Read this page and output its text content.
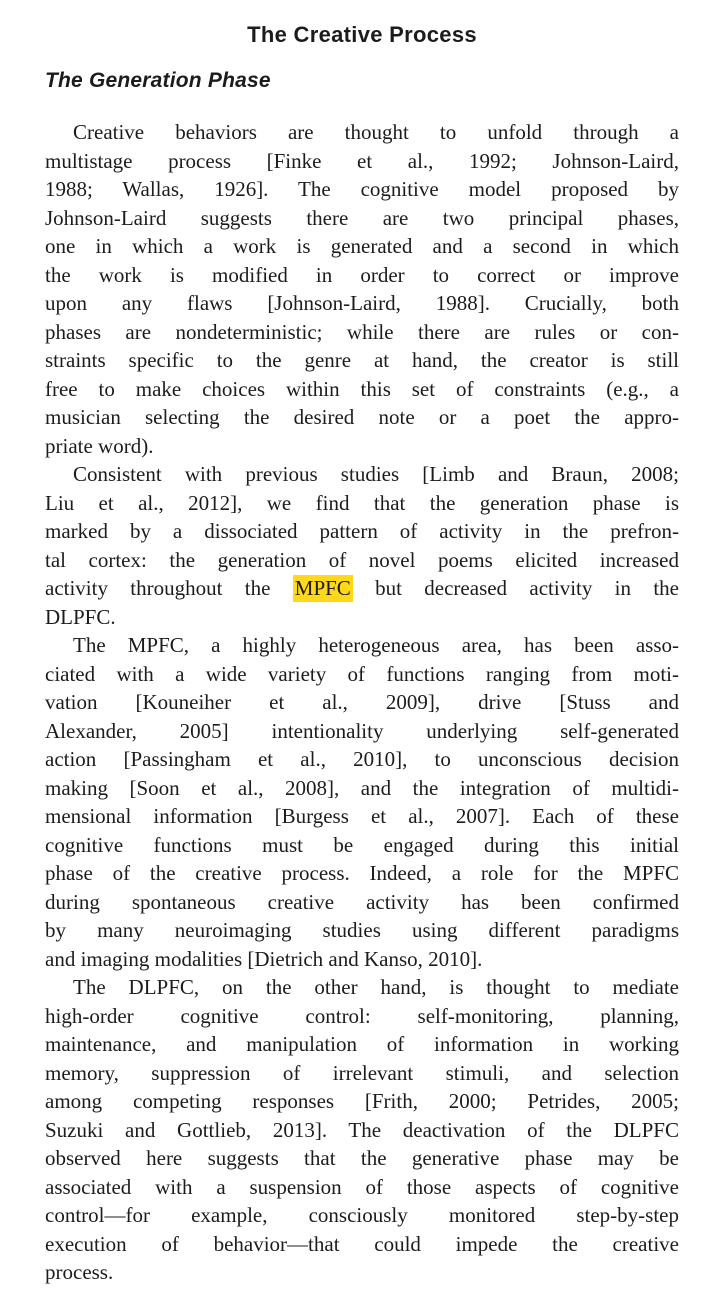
The Creative Process
The Generation Phase
Creative behaviors are thought to unfold through a
multistage process [Finke et al., 1992; Johnson-Laird,
1988; Wallas, 1926]. The cognitive model proposed by
Johnson-Laird suggests there are two principal phases,
one in which a work is generated and a second in which
the work is modified in order to correct or improve
upon any flaws [Johnson-Laird, 1988]. Crucially, both
phases are nondeterministic; while there are rules or con-
straints specific to the genre at hand, the creator is still
free to make choices within this set of constraints (e.g., a
musician selecting the desired note or a poet the appro-
priate word).
Consistent with previous studies [Limb and Braun, 2008;
Liu et al., 2012], we find that the generation phase is
marked by a dissociated pattern of activity in the prefron-
tal cortex: the generation of novel poems elicited increased
activity throughout the MPFC but decreased activity in the
DLPFC.
The MPFC, a highly heterogeneous area, has been asso-
ciated with a wide variety of functions ranging from moti-
vation [Kouneiher et al., 2009], drive [Stuss and
Alexander, 2005] intentionality underlying self-generated
action [Passingham et al., 2010], to unconscious decision
making [Soon et al., 2008], and the integration of multidi-
mensional information [Burgess et al., 2007]. Each of these
cognitive functions must be engaged during this initial
phase of the creative process. Indeed, a role for the MPFC
during spontaneous creative activity has been confirmed
by many neuroimaging studies using different paradigms
and imaging modalities [Dietrich and Kanso, 2010].
The DLPFC, on the other hand, is thought to mediate
high-order cognitive control: self-monitoring, planning,
maintenance, and manipulation of information in working
memory, suppression of irrelevant stimuli, and selection
among competing responses [Frith, 2000; Petrides, 2005;
Suzuki and Gottlieb, 2013]. The deactivation of the DLPFC
observed here suggests that the generative phase may be
associated with a suspension of those aspects of cognitive
control—for example, consciously monitored step-by-step
execution of behavior—that could impede the creative
process.
